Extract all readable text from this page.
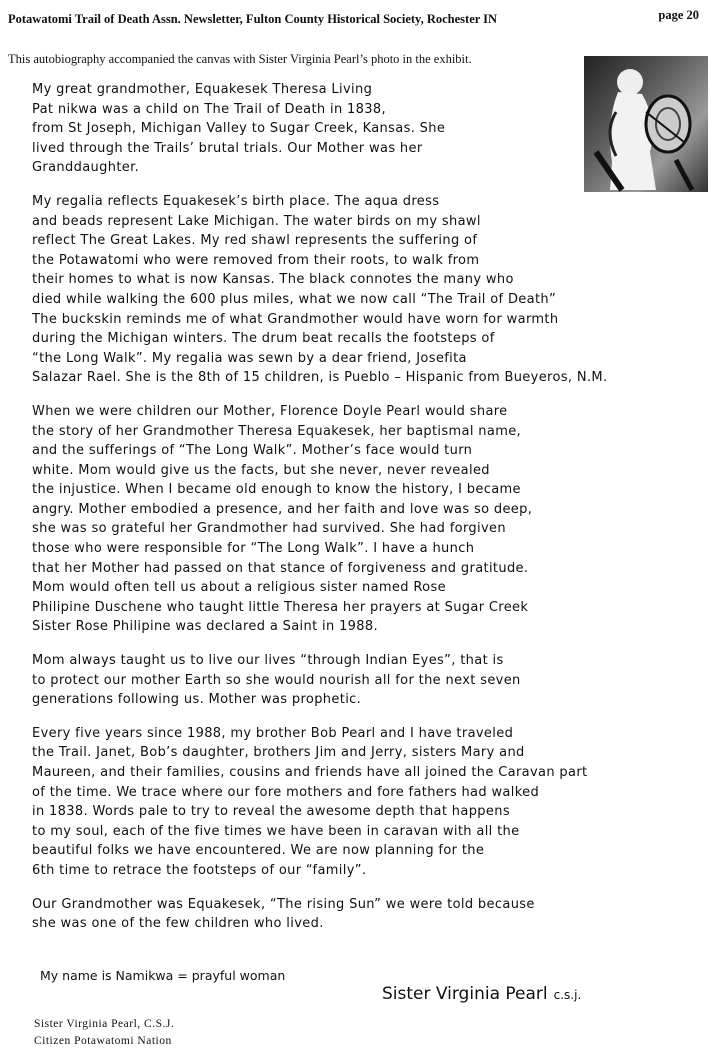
Potawatomi Trail of Death Assn. Newsletter, Fulton County Historical Society, Rochester IN	page 20
This autobiography accompanied the canvas with Sister Virginia Pearl’s photo in the exhibit.
My great grandmother, Equakesek Theresa Living
Pat nikwa was a child on The Trail of Death in 1838,
from St Joseph, Michigan Valley to Sugar Creek, Kansas. She
lived through the Trails’ brutal trials. Our Mother was her
Granddaughter.
My regalia reflects Equakesek’s birth place. The aqua dress
and beads represent Lake Michigan. The water birds on my shawl
reflect The Great Lakes. My red shawl represents the suffering of
the Potawatomi who were removed from their roots, to walk from
their homes to what is now Kansas. The black connotes the many who
died while walking the 600 plus miles, what we now call “The Trail of Death”
The buckskin reminds me of what Grandmother would have worn for warmth
during the Michigan winters. The drum beat recalls the footsteps of
“the Long Walk”. My regalia was sewn by a dear friend, Josefita
Salazar Rael. She is the 8th of 15 children, is Pueblo – Hispanic from Bueyeros, N.M.
When we were children our Mother, Florence Doyle Pearl would share
the story of her Grandmother Theresa Equakesek, her baptismal name,
and the sufferings of “The Long Walk”. Mother’s face would turn
white. Mom would give us the facts, but she never, never revealed
the injustice. When I became old enough to know the history, I became
angry. Mother embodied a presence, and her faith and love was so deep,
she was so grateful her Grandmother had survived. She had forgiven
those who were responsible for “The Long Walk”. I have a hunch
that her Mother had passed on that stance of forgiveness and gratitude.
Mom would often tell us about a religious sister named Rose
Philipine Duschene who taught little Theresa her prayers at Sugar Creek
Sister Rose Philipine was declared a Saint in 1988.
Mom always taught us to live our lives “through Indian Eyes”, that is
to protect our mother Earth so she would nourish all for the next seven
generations following us. Mother was prophetic.
Every five years since 1988, my brother Bob Pearl and I have traveled
the Trail. Janet, Bob’s daughter, brothers Jim and Jerry, sisters Mary and
Maureen, and their families, cousins and friends have all joined the Caravan part
of the time. We trace where our fore mothers and fore fathers had walked
in 1838. Words pale to try to reveal the awesome depth that happens
to my soul, each of the five times we have been in caravan with all the
beautiful folks we have encountered. We are now planning for the
6th time to retrace the footsteps of our “family”.
Our Grandmother was Equakesek, “The rising Sun” we were told because
she was one of the few children who lived.
My name is Namikwa = prayful woman
Sister Virginia Pearl c.s.j.
Sister Virginia Pearl, C.S.J.
Citizen Potawatomi Nation
